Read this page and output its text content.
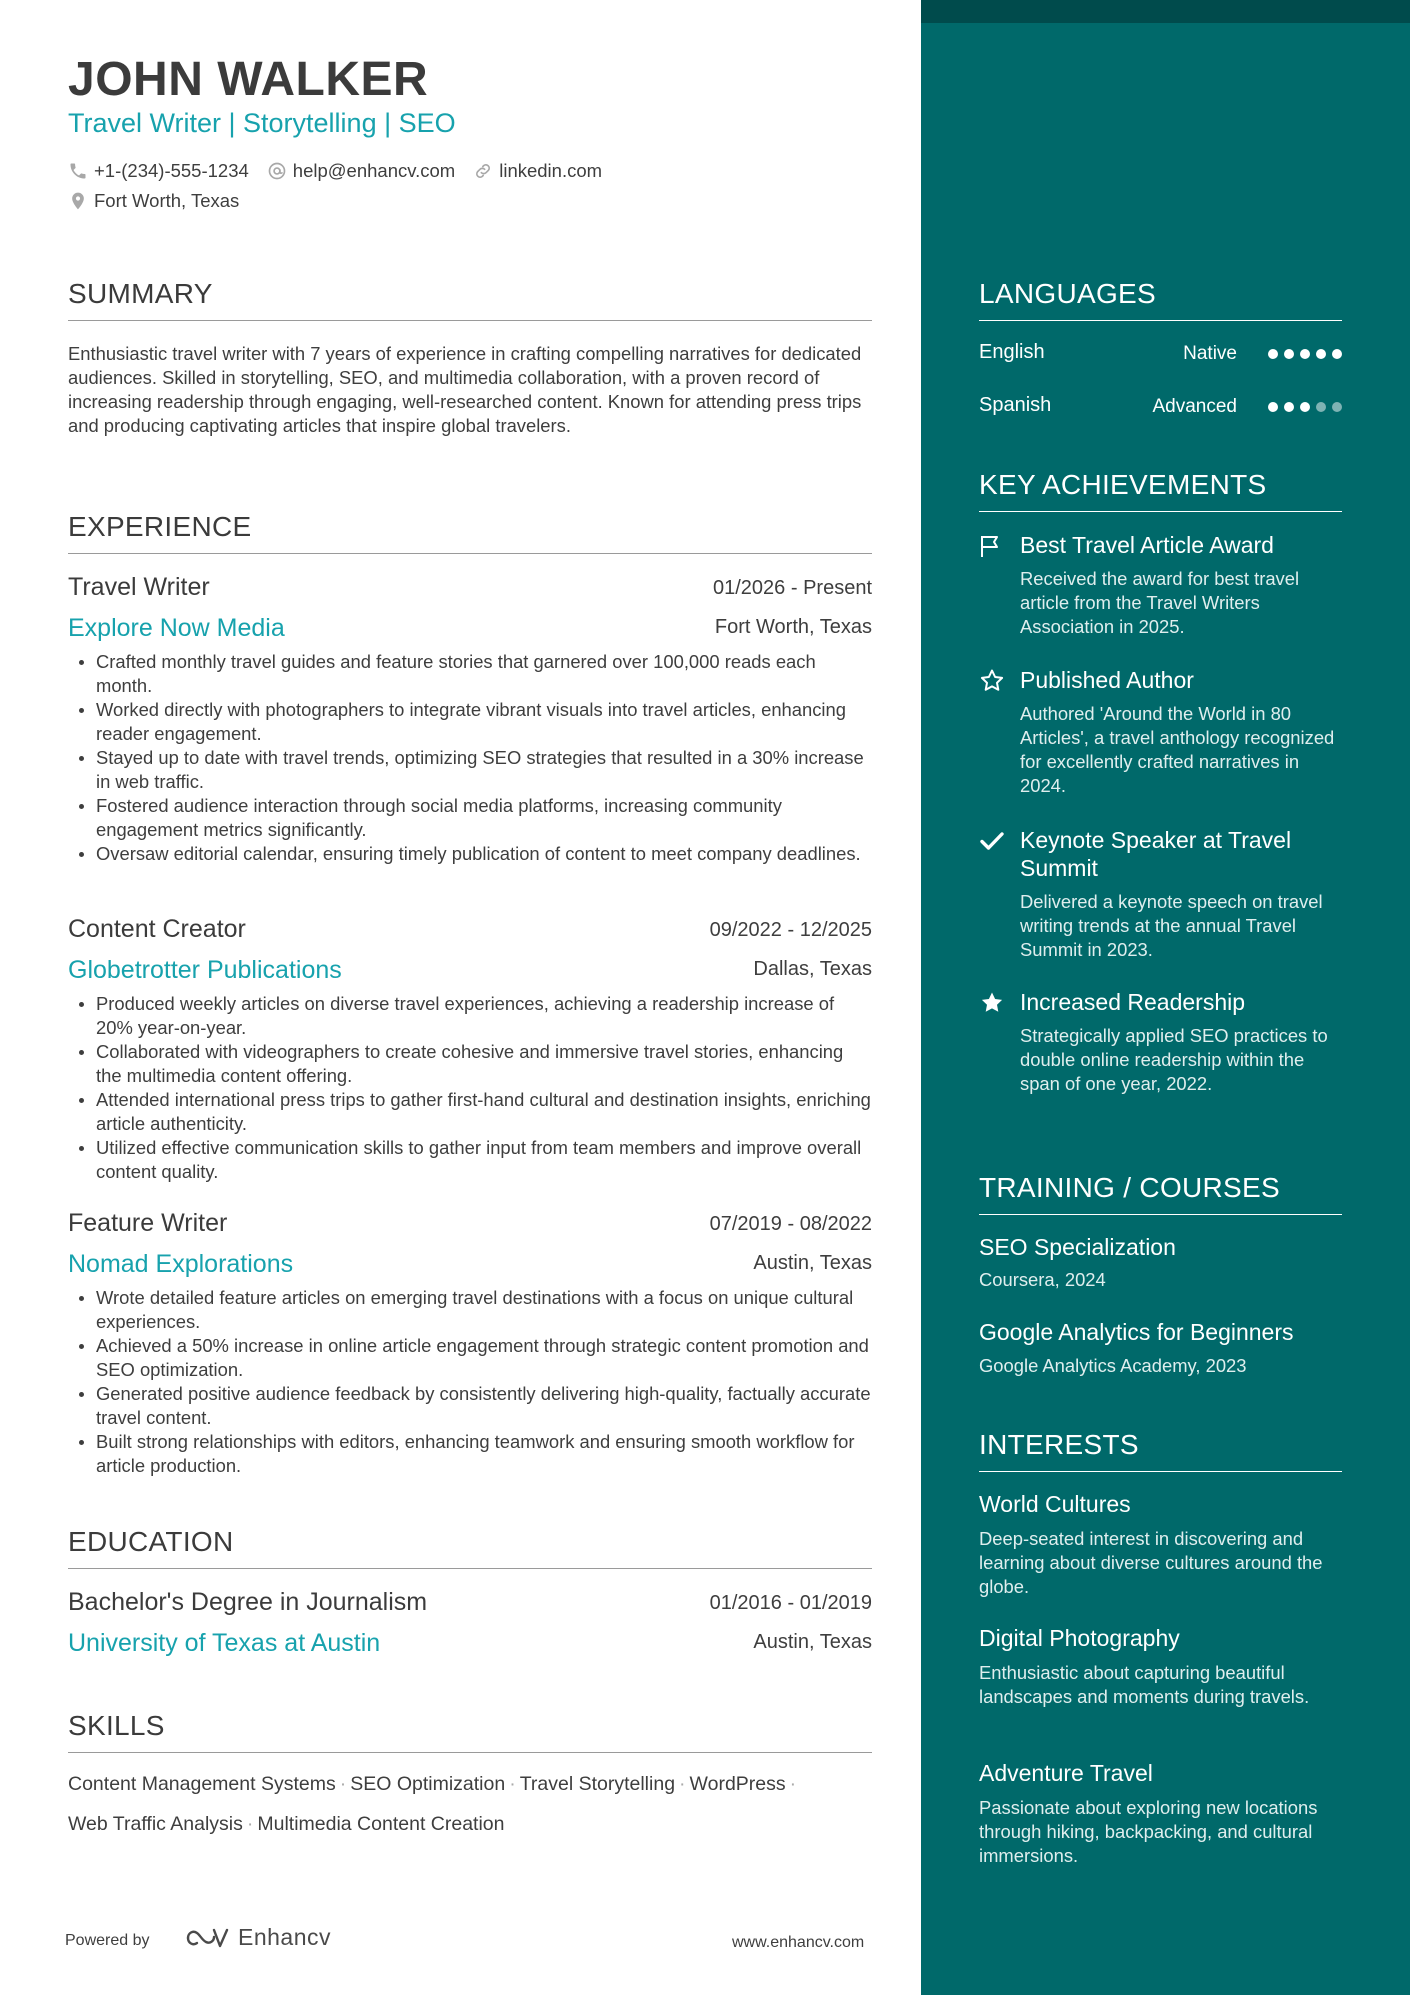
JOHN WALKER
Travel Writer | Storytelling | SEO
+1-(234)-555-1234 help@enhancv.com linkedin.com
Fort Worth, Texas
SUMMARY
Enthusiastic travel writer with 7 years of experience in crafting compelling narratives for dedicated audiences. Skilled in storytelling, SEO, and multimedia collaboration, with a proven record of increasing readership through engaging, well-researched content. Known for attending press trips and producing captivating articles that inspire global travelers.
EXPERIENCE
Travel Writer	01/2026 - Present
Explore Now Media	Fort Worth, Texas
Crafted monthly travel guides and feature stories that garnered over 100,000 reads each month.
Worked directly with photographers to integrate vibrant visuals into travel articles, enhancing reader engagement.
Stayed up to date with travel trends, optimizing SEO strategies that resulted in a 30% increase in web traffic.
Fostered audience interaction through social media platforms, increasing community engagement metrics significantly.
Oversaw editorial calendar, ensuring timely publication of content to meet company deadlines.
Content Creator	09/2022 - 12/2025
Globetrotter Publications	Dallas, Texas
Produced weekly articles on diverse travel experiences, achieving a readership increase of 20% year-on-year.
Collaborated with videographers to create cohesive and immersive travel stories, enhancing the multimedia content offering.
Attended international press trips to gather first-hand cultural and destination insights, enriching article authenticity.
Utilized effective communication skills to gather input from team members and improve overall content quality.
Feature Writer	07/2019 - 08/2022
Nomad Explorations	Austin, Texas
Wrote detailed feature articles on emerging travel destinations with a focus on unique cultural experiences.
Achieved a 50% increase in online article engagement through strategic content promotion and SEO optimization.
Generated positive audience feedback by consistently delivering high-quality, factually accurate travel content.
Built strong relationships with editors, enhancing teamwork and ensuring smooth workflow for article production.
EDUCATION
Bachelor's Degree in Journalism	01/2016 - 01/2019
University of Texas at Austin	Austin, Texas
SKILLS
Content Management Systems · SEO Optimization · Travel Storytelling · WordPress ·
Web Traffic Analysis · Multimedia Content Creation
Powered by	Enhancv	www.enhancv.com
LANGUAGES
English	Native
Spanish	Advanced
KEY ACHIEVEMENTS
Best Travel Article Award
Received the award for best travel article from the Travel Writers Association in 2025.
Published Author
Authored 'Around the World in 80 Articles', a travel anthology recognized for excellently crafted narratives in 2024.
Keynote Speaker at Travel Summit
Delivered a keynote speech on travel writing trends at the annual Travel Summit in 2023.
Increased Readership
Strategically applied SEO practices to double online readership within the span of one year, 2022.
TRAINING / COURSES
SEO Specialization
Coursera, 2024
Google Analytics for Beginners
Google Analytics Academy, 2023
INTERESTS
World Cultures
Deep-seated interest in discovering and learning about diverse cultures around the globe.
Digital Photography
Enthusiastic about capturing beautiful landscapes and moments during travels.
Adventure Travel
Passionate about exploring new locations through hiking, backpacking, and cultural immersions.
